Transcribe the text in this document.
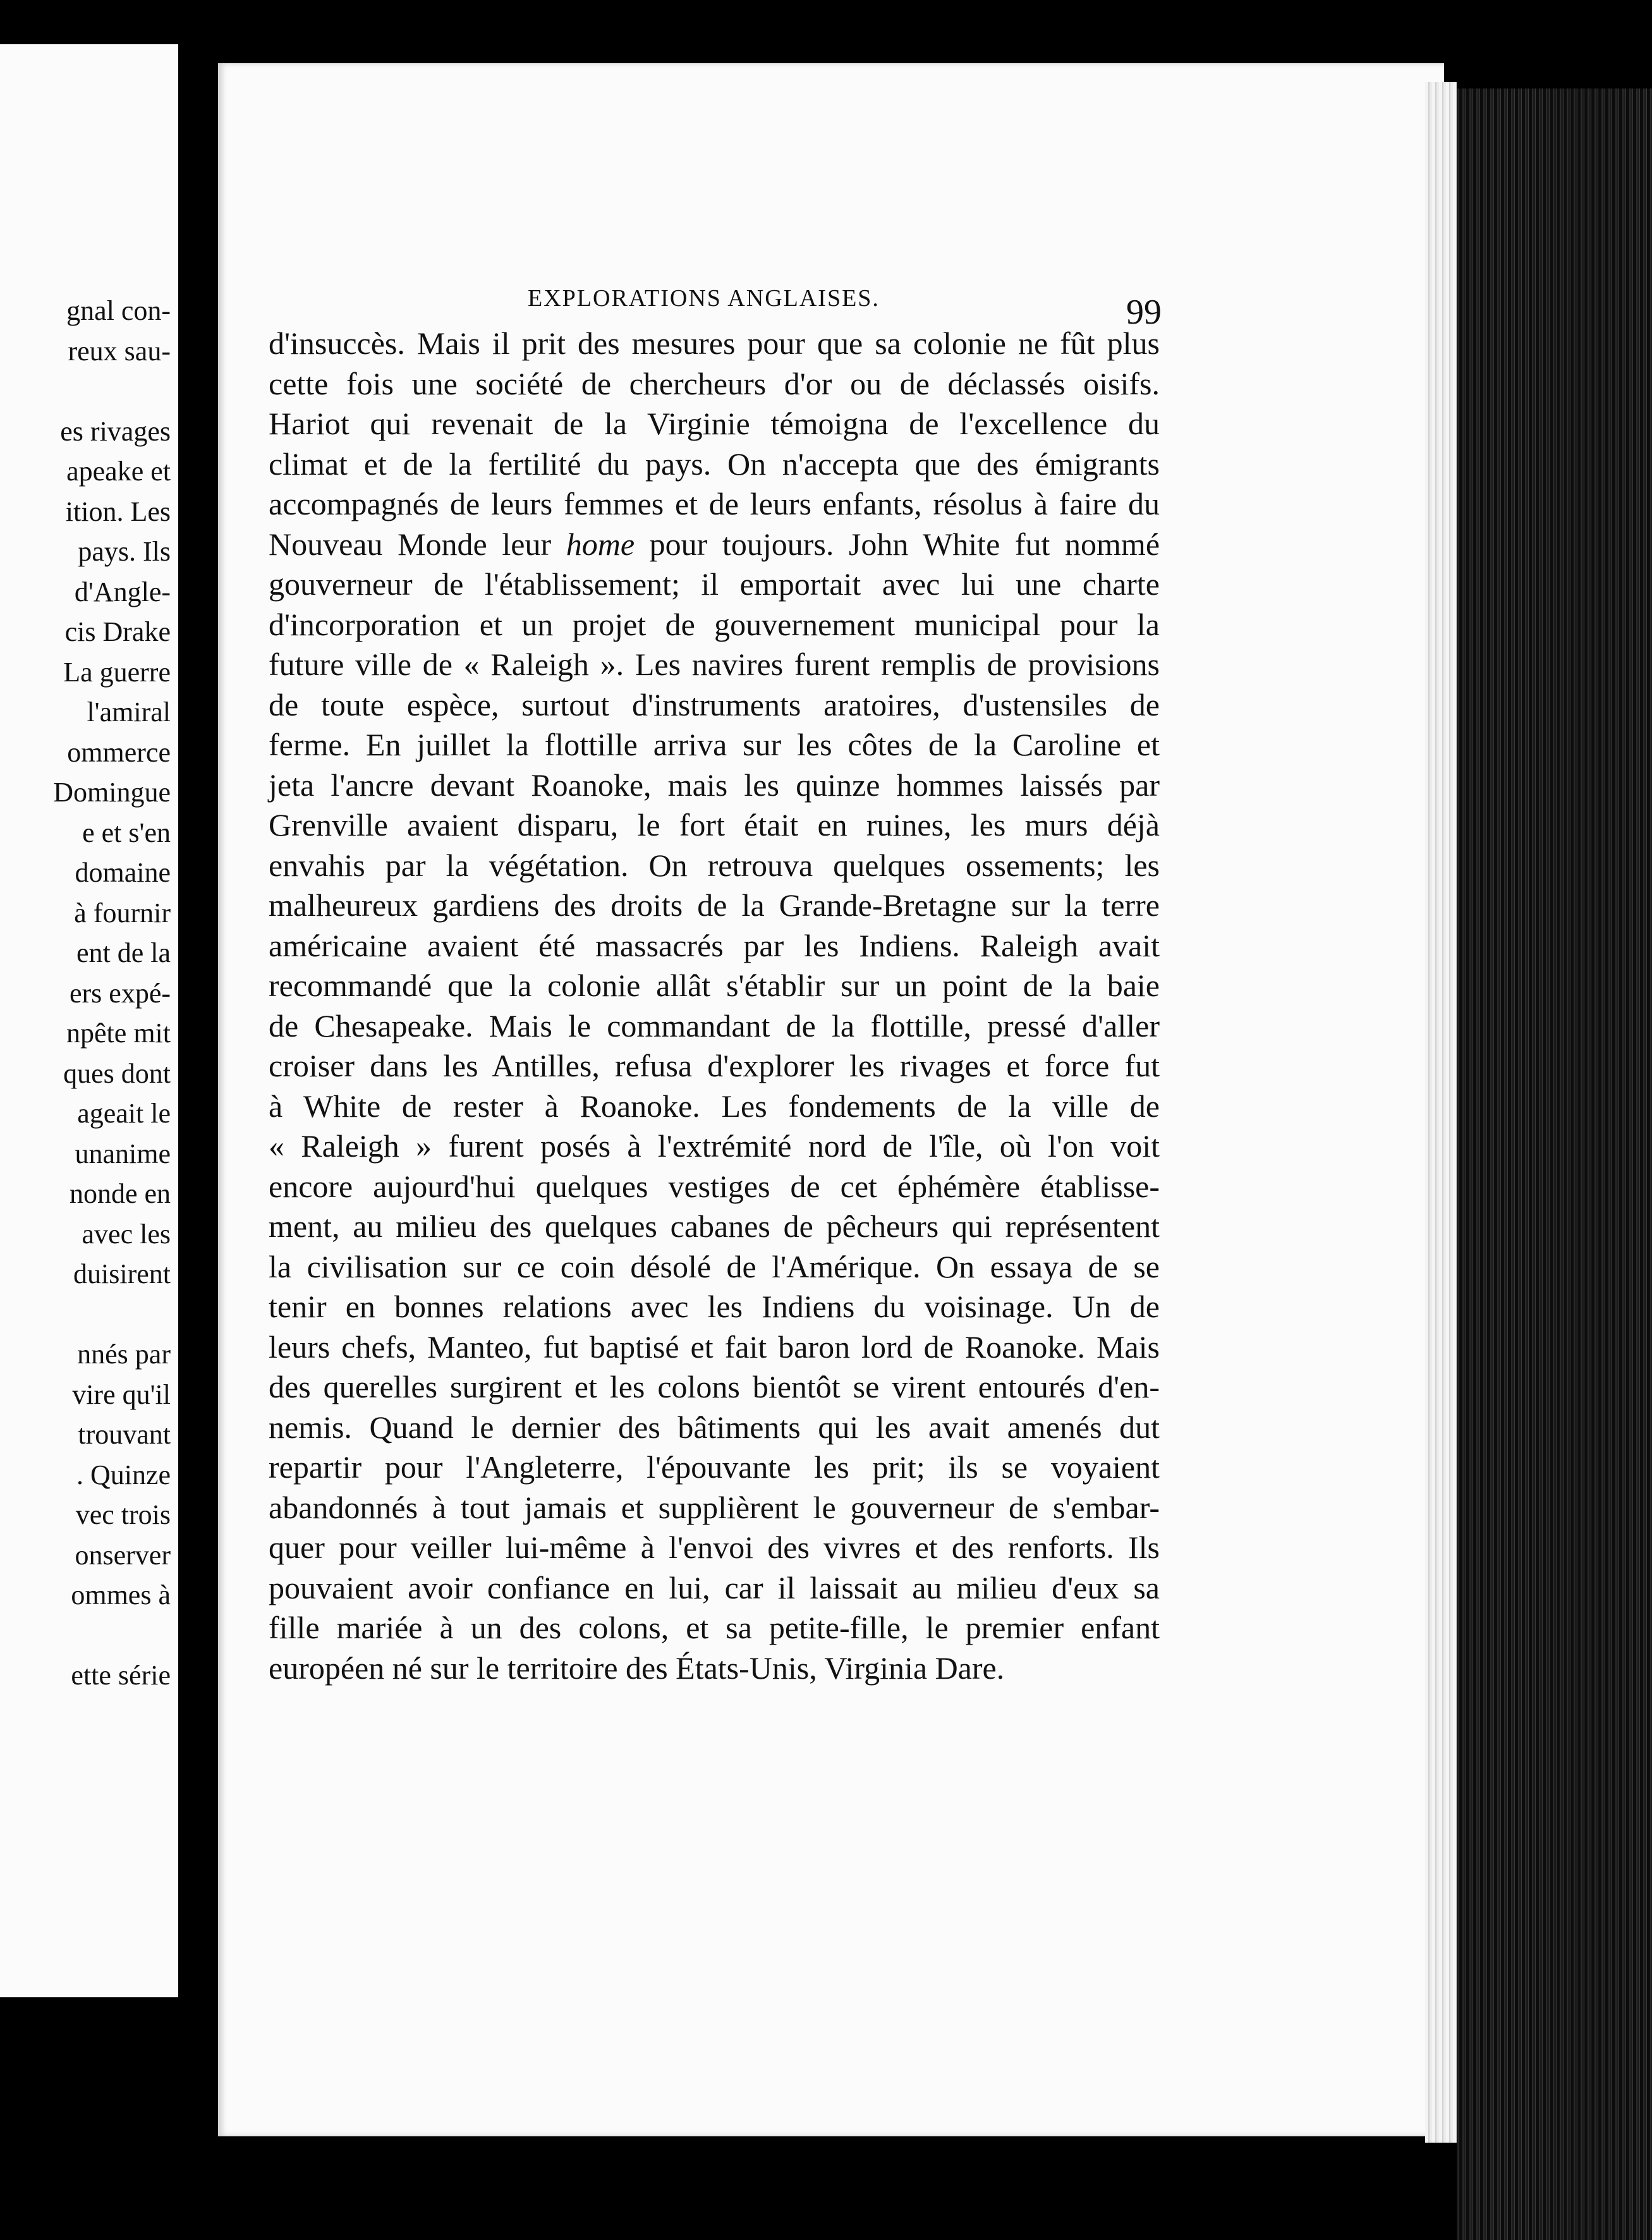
gnal con-
reux sau-
es rivages
apeake et
ition. Les
pays. Ils
d'Angle-
cis Drake
La guerre
l'amiral
ommerce
Domingue
e et s'en
domaine
à fournir
ent de la
ers expé-
npête mit
ques dont
ageait le
unanime
nonde en
avec les
duisirent
nnés par
vire qu'il
trouvant
. Quinze
vec trois
onserver
ommes à
ette série
EXPLORATIONS ANGLAISES.	99
d'insuccès. Mais il prit des mesures pour que sa colonie ne fût plus
cette fois une société de chercheurs d'or ou de déclassés oisifs.
Hariot qui revenait de la Virginie témoigna de l'excellence du
climat et de la fertilité du pays. On n'accepta que des émigrants
accompagnés de leurs femmes et de leurs enfants, résolus à faire du
Nouveau Monde leur home pour toujours. John White fut nommé
gouverneur de l'établissement; il emportait avec lui une charte
d'incorporation et un projet de gouvernement municipal pour la
future ville de « Raleigh ». Les navires furent remplis de provisions
de toute espèce, surtout d'instruments aratoires, d'ustensiles de
ferme. En juillet la flottille arriva sur les côtes de la Caroline et
jeta l'ancre devant Roanoke, mais les quinze hommes laissés par
Grenville avaient disparu, le fort était en ruines, les murs déjà
envahis par la végétation. On retrouva quelques ossements; les
malheureux gardiens des droits de la Grande-Bretagne sur la terre
américaine avaient été massacrés par les Indiens. Raleigh avait
recommandé que la colonie allât s'établir sur un point de la baie
de Chesapeake. Mais le commandant de la flottille, pressé d'aller
croiser dans les Antilles, refusa d'explorer les rivages et force fut
à White de rester à Roanoke. Les fondements de la ville de
« Raleigh » furent posés à l'extrémité nord de l'île, où l'on voit
encore aujourd'hui quelques vestiges de cet éphémère établisse-
ment, au milieu des quelques cabanes de pêcheurs qui représentent
la civilisation sur ce coin désolé de l'Amérique. On essaya de se
tenir en bonnes relations avec les Indiens du voisinage. Un de
leurs chefs, Manteo, fut baptisé et fait baron lord de Roanoke. Mais
des querelles surgirent et les colons bientôt se virent entourés d'en-
nemis. Quand le dernier des bâtiments qui les avait amenés dut
repartir pour l'Angleterre, l'épouvante les prit; ils se voyaient
abandonnés à tout jamais et supplièrent le gouverneur de s'embar-
quer pour veiller lui-même à l'envoi des vivres et des renforts. Ils
pouvaient avoir confiance en lui, car il laissait au milieu d'eux sa
fille mariée à un des colons, et sa petite-fille, le premier enfant
européen né sur le territoire des États-Unis, Virginia Dare.
